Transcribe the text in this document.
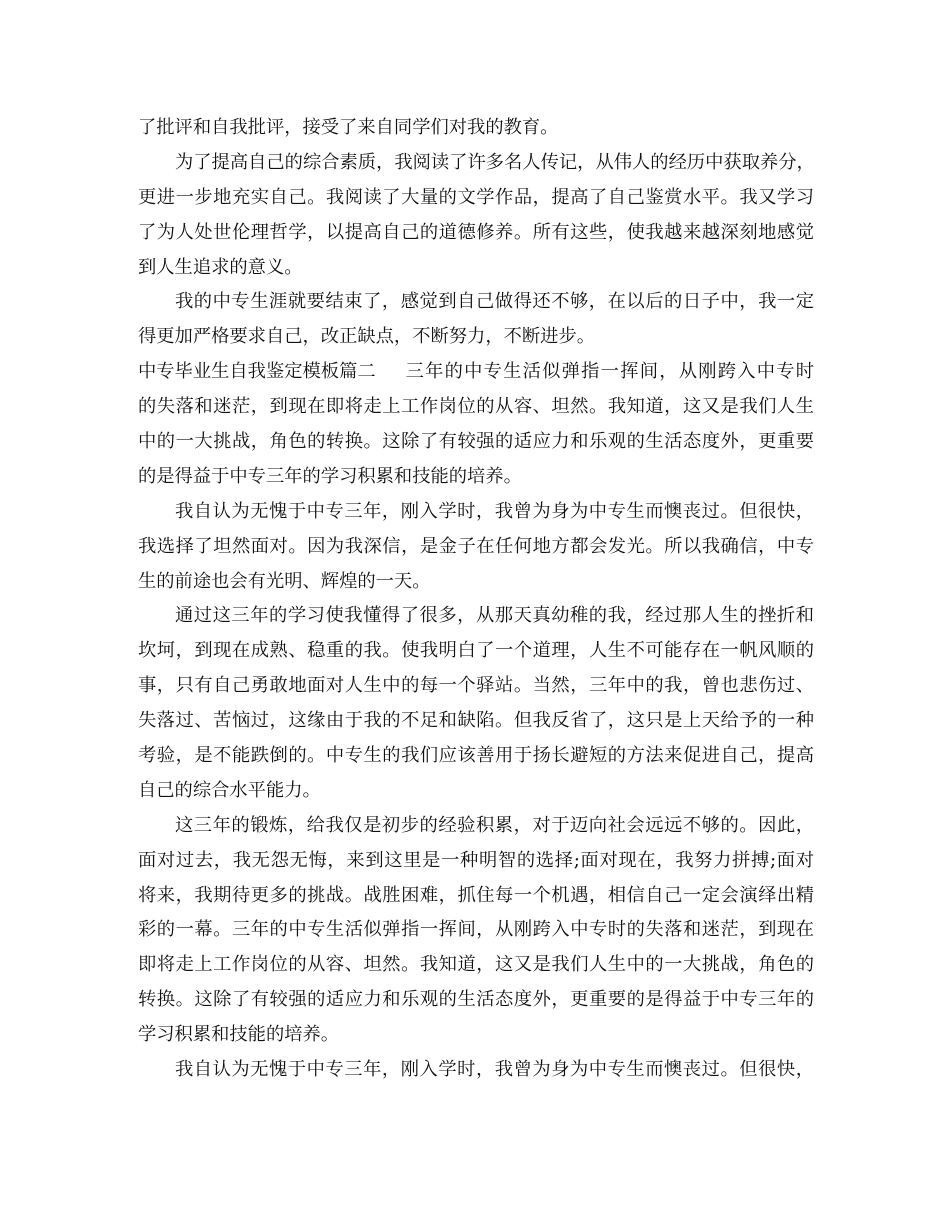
了批评和自我批评，接受了来自同学们对我的教育。
为了提高自己的综合素质，我阅读了许多名人传记，从伟人的经历中获取养分，
更进一步地充实自己。我阅读了大量的文学作品，提高了自己鉴赏水平。我又学习
了为人处世伦理哲学，以提高自己的道德修养。所有这些，使我越来越深刻地感觉
到人生追求的意义。
我的中专生涯就要结束了，感觉到自己做得还不够，在以后的日子中，我一定
得更加严格要求自己，改正缺点，不断努力，不断进步。
中专毕业生自我鉴定模板篇二	三年的中专生活似弹指一挥间，从刚跨入中专时
的失落和迷茫，到现在即将走上工作岗位的从容、坦然。我知道，这又是我们人生
中的一大挑战，角色的转换。这除了有较强的适应力和乐观的生活态度外，更重要
的是得益于中专三年的学习积累和技能的培养。
我自认为无愧于中专三年，刚入学时，我曾为身为中专生而懊丧过。但很快，
我选择了坦然面对。因为我深信，是金子在任何地方都会发光。所以我确信，中专
生的前途也会有光明、辉煌的一天。
通过这三年的学习使我懂得了很多，从那天真幼稚的我，经过那人生的挫折和
坎坷，到现在成熟、稳重的我。使我明白了一个道理，人生不可能存在一帆风顺的
事，只有自己勇敢地面对人生中的每一个驿站。当然，三年中的我，曾也悲伤过、
失落过、苦恼过，这缘由于我的不足和缺陷。但我反省了，这只是上天给予的一种
考验，是不能跌倒的。中专生的我们应该善用于扬长避短的方法来促进自己，提高
自己的综合水平能力。
这三年的锻炼，给我仅是初步的经验积累，对于迈向社会远远不够的。因此，
面对过去，我无怨无悔，来到这里是一种明智的选择;面对现在，我努力拼搏;面对
将来，我期待更多的挑战。战胜困难，抓住每一个机遇，相信自己一定会演绎出精
彩的一幕。三年的中专生活似弹指一挥间，从刚跨入中专时的失落和迷茫，到现在
即将走上工作岗位的从容、坦然。我知道，这又是我们人生中的一大挑战，角色的
转换。这除了有较强的适应力和乐观的生活态度外，更重要的是得益于中专三年的
学习积累和技能的培养。
我自认为无愧于中专三年，刚入学时，我曾为身为中专生而懊丧过。但很快，
